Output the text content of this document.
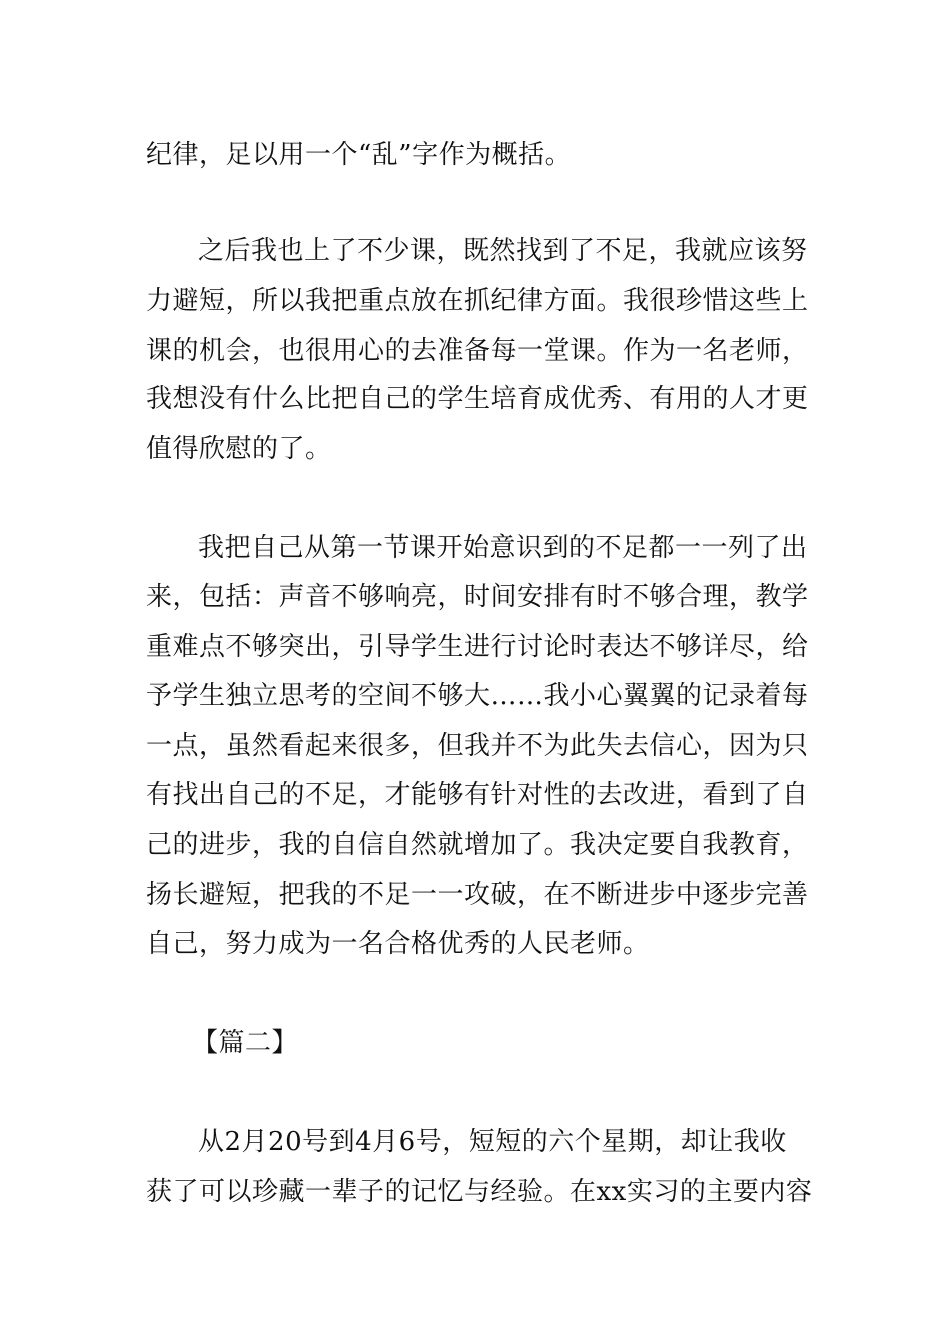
纪律，足以用一个“乱”字作为概括。
之后我也上了不少课，既然找到了不足，我就应该努
力避短，所以我把重点放在抓纪律方面。我很珍惜这些上
课的机会，也很用心的去准备每一堂课。作为一名老师，
我想没有什么比把自己的学生培育成优秀、有用的人才更
值得欣慰的了。
我把自己从第一节课开始意识到的不足都一一列了出
来，包括：声音不够响亮，时间安排有时不够合理，教学
重难点不够突出，引导学生进行讨论时表达不够详尽，给
予学生独立思考的空间不够大……我小心翼翼的记录着每
一点，虽然看起来很多，但我并不为此失去信心，因为只
有找出自己的不足，才能够有针对性的去改进，看到了自
己的进步，我的自信自然就增加了。我决定要自我教育，
扬长避短，把我的不足一一攻破，在不断进步中逐步完善
自己，努力成为一名合格优秀的人民老师。
【篇二】
从2月20号到4月6号，短短的六个星期，却让我收
获了可以珍藏一辈子的记忆与经验。在xx实习的主要内容
